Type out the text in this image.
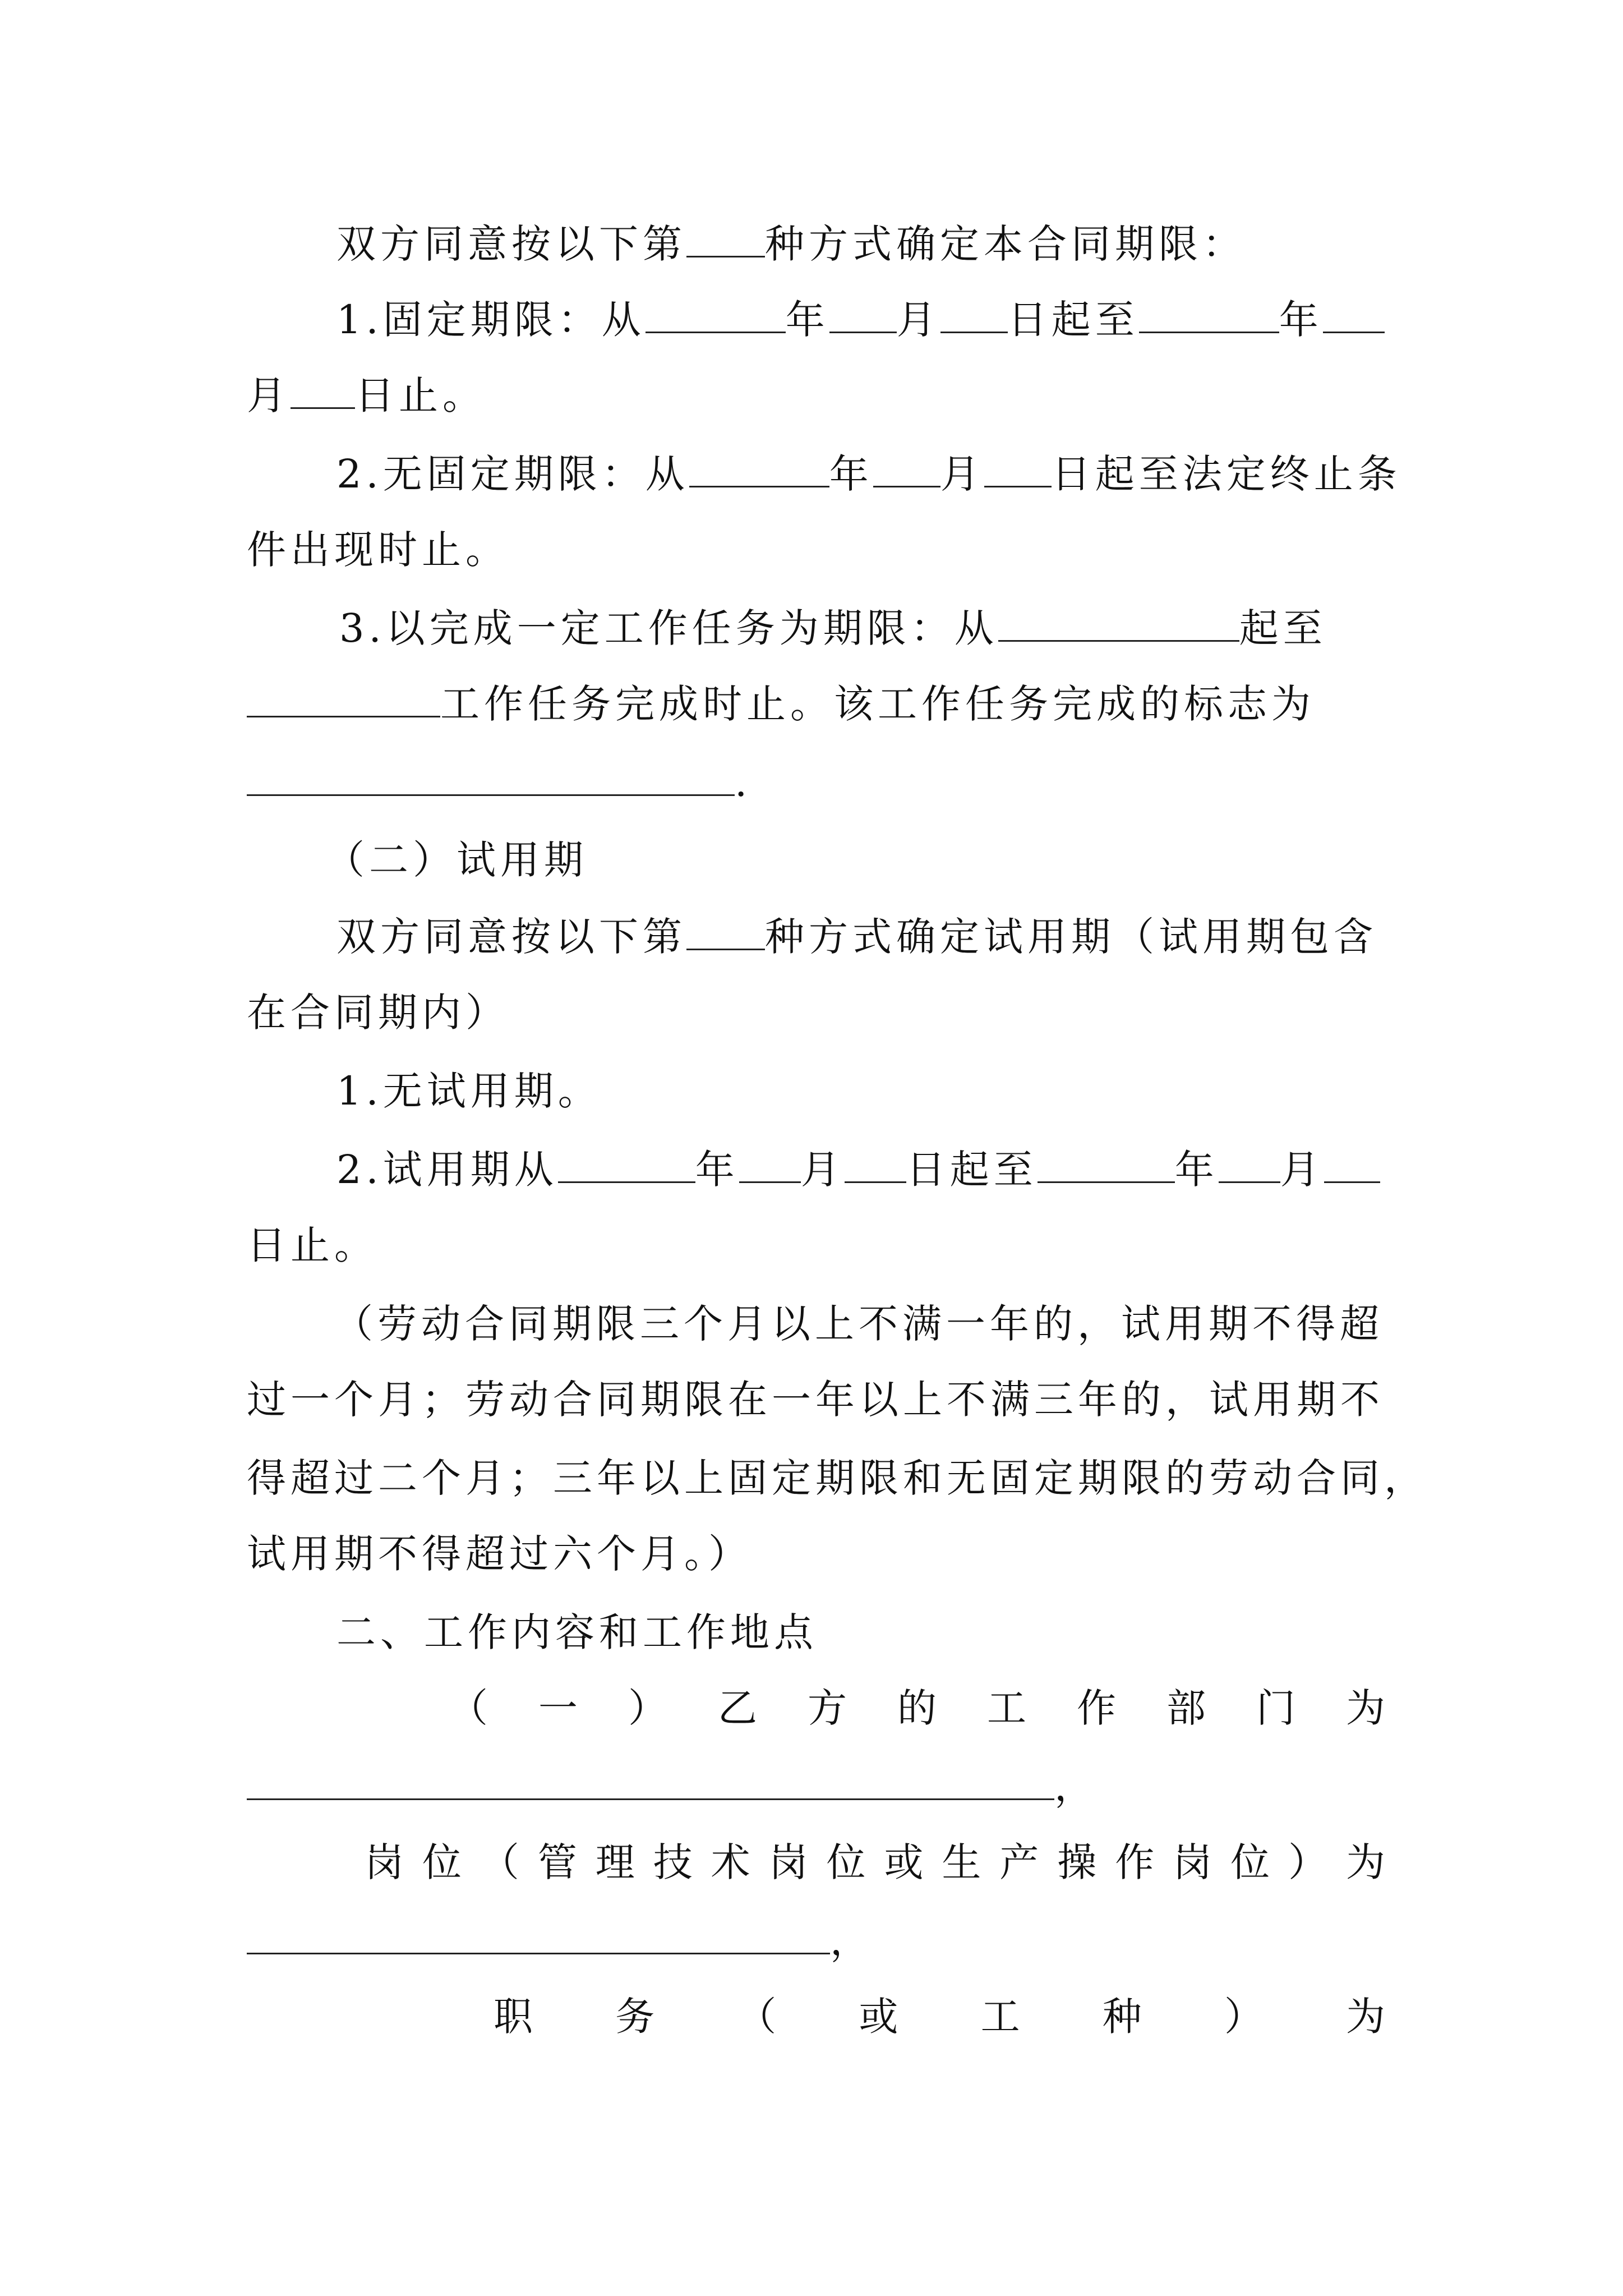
双方同意按以下第 种方式确定本合同期限：
1.固定期限：从	年 月 日起至	年
月 日止。
2.无固定期限：从	年 月 日起至法定终止条
件出现时止。
3.以完成一定工作任务为期限：从	起至
工作任务完成时止。该工作任务完成的标志为
.
（二）试用期
双方同意按以下第 种方式确定试用期（试用期包含
在合同期内）
1.无试用期。
2.试用期从	年 月 日起至	年 月
日止。
（劳动合同期限三个月以上不满一年的，试用期不得超
过一个月；劳动合同期限在一年以上不满三年的，试用期不
得超过二个月；三年以上固定期限和无固定期限的劳动合同，
试用期不得超过六个月。）
二、工作内容和工作地点
（ 一 ） 乙 方 的 工 作 部 门 为
，
岗 位 （ 管 理 技 术 岗 位 或 生 产 操 作 岗 位 ） 为
，
职 务 （ 或 工 种 ） 为
